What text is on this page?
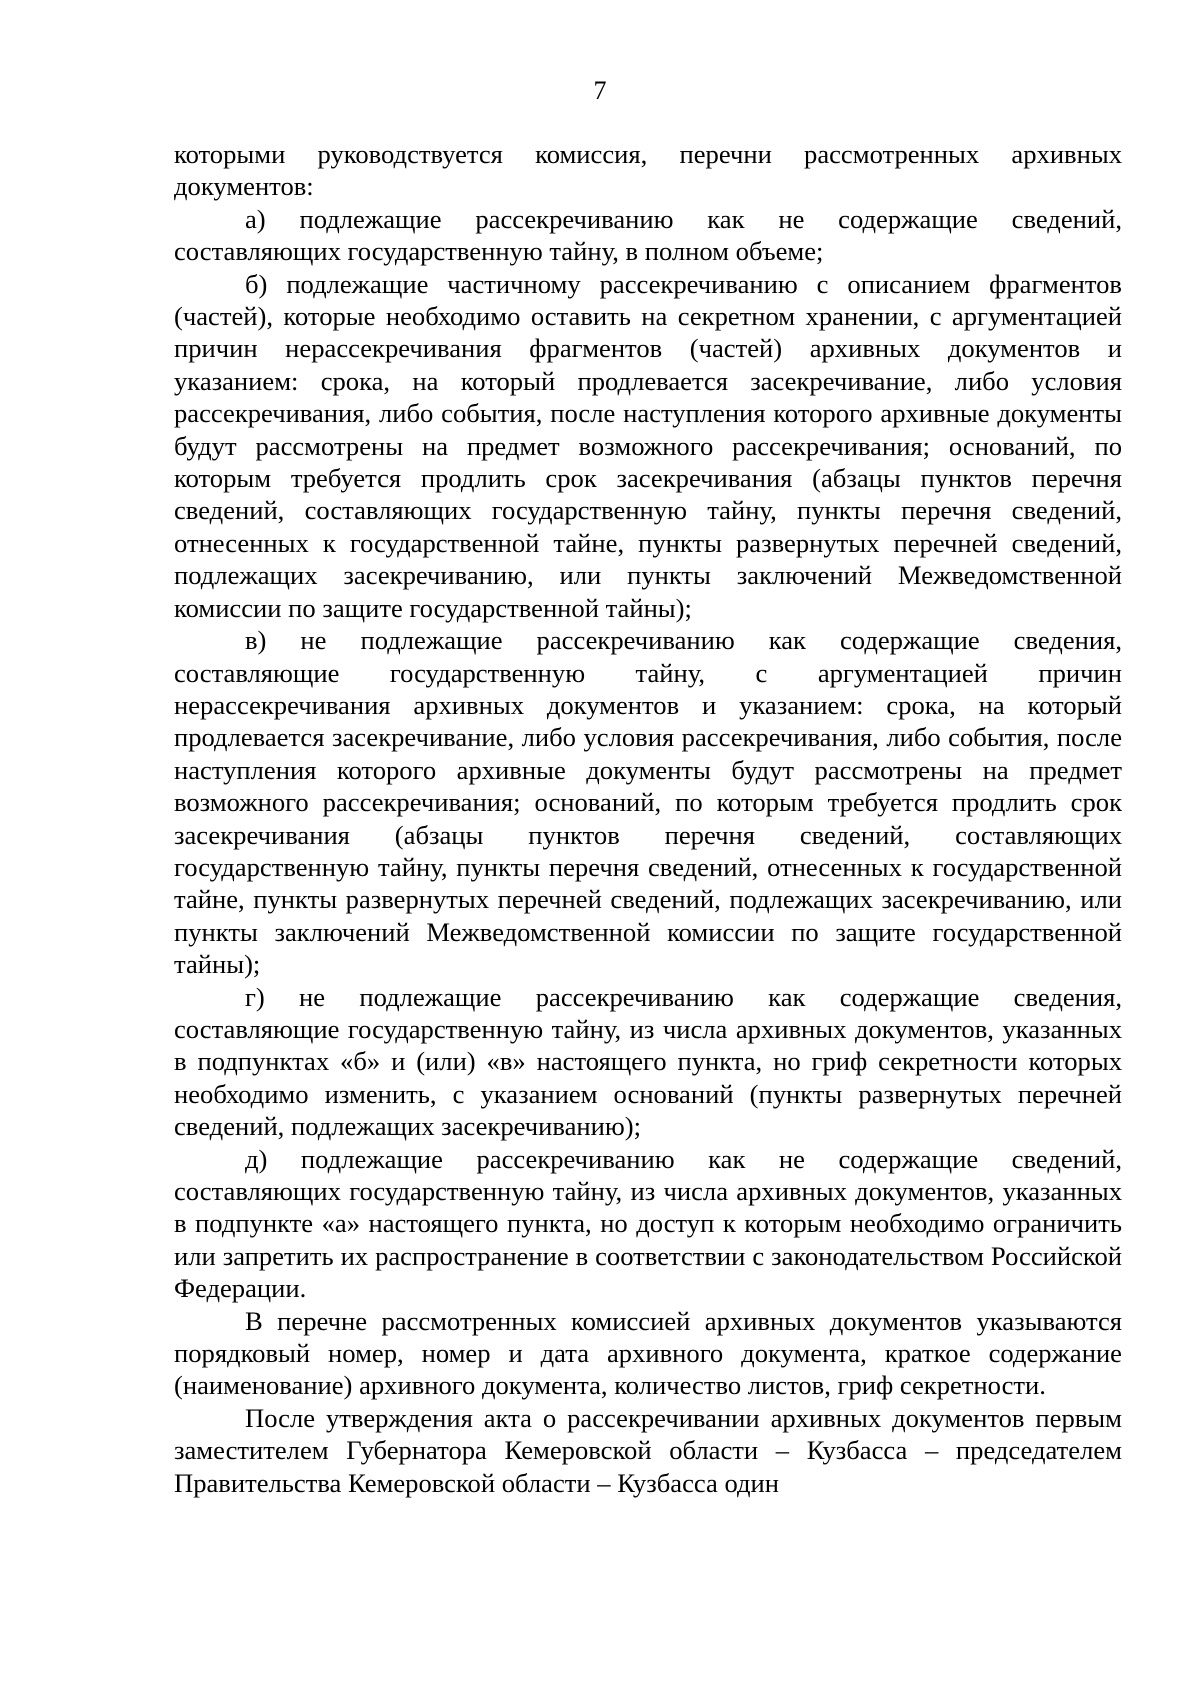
7

которыми руководствуется комиссия, перечни рассмотренных архивных документов:

а) подлежащие рассекречиванию как не содержащие сведений, составляющих государственную тайну, в полном объеме;

б) подлежащие частичному рассекречиванию с описанием фрагментов (частей), которые необходимо оставить на секретном хранении, с аргументацией причин нерассекречивания фрагментов (частей) архивных документов и указанием: срока, на который продлевается засекречивание, либо условия рассекречивания, либо события, после наступления которого архивные документы будут рассмотрены на предмет возможного рассекречивания; оснований, по которым требуется продлить срок засекречивания (абзацы пунктов перечня сведений, составляющих государственную тайну, пункты перечня сведений, отнесенных к государственной тайне, пункты развернутых перечней сведений, подлежащих засекречиванию, или пункты заключений Межведомственной комиссии по защите государственной тайны);

в) не подлежащие рассекречиванию как содержащие сведения, составляющие государственную тайну, с аргументацией причин нерассекречивания архивных документов и указанием: срока, на который продлевается засекречивание, либо условия рассекречивания, либо события, после наступления которого архивные документы будут рассмотрены на предмет возможного рассекречивания; оснований, по которым требуется продлить срок засекречивания (абзацы пунктов перечня сведений, составляющих государственную тайну, пункты перечня сведений, отнесенных к государственной тайне, пункты развернутых перечней сведений, подлежащих засекречиванию, или пункты заключений Межведомственной комиссии по защите государственной тайны);

г) не подлежащие рассекречиванию как содержащие сведения, составляющие государственную тайну, из числа архивных документов, указанных в подпунктах «б» и (или) «в» настоящего пункта, но гриф секретности которых необходимо изменить, с указанием оснований (пункты развернутых перечней сведений, подлежащих засекречиванию);

д) подлежащие рассекречиванию как не содержащие сведений, составляющих государственную тайну, из числа архивных документов, указанных в подпункте «а» настоящего пункта, но доступ к которым необходимо ограничить или запретить их распространение в соответствии с законодательством Российской Федерации.

В перечне рассмотренных комиссией архивных документов указываются порядковый номер, номер и дата архивного документа, краткое содержание (наименование) архивного документа, количество листов, гриф секретности.

После утверждения акта о рассекречивании архивных документов первым заместителем Губернатора Кемеровской области – Кузбасса – председателем Правительства Кемеровской области – Кузбасса один
